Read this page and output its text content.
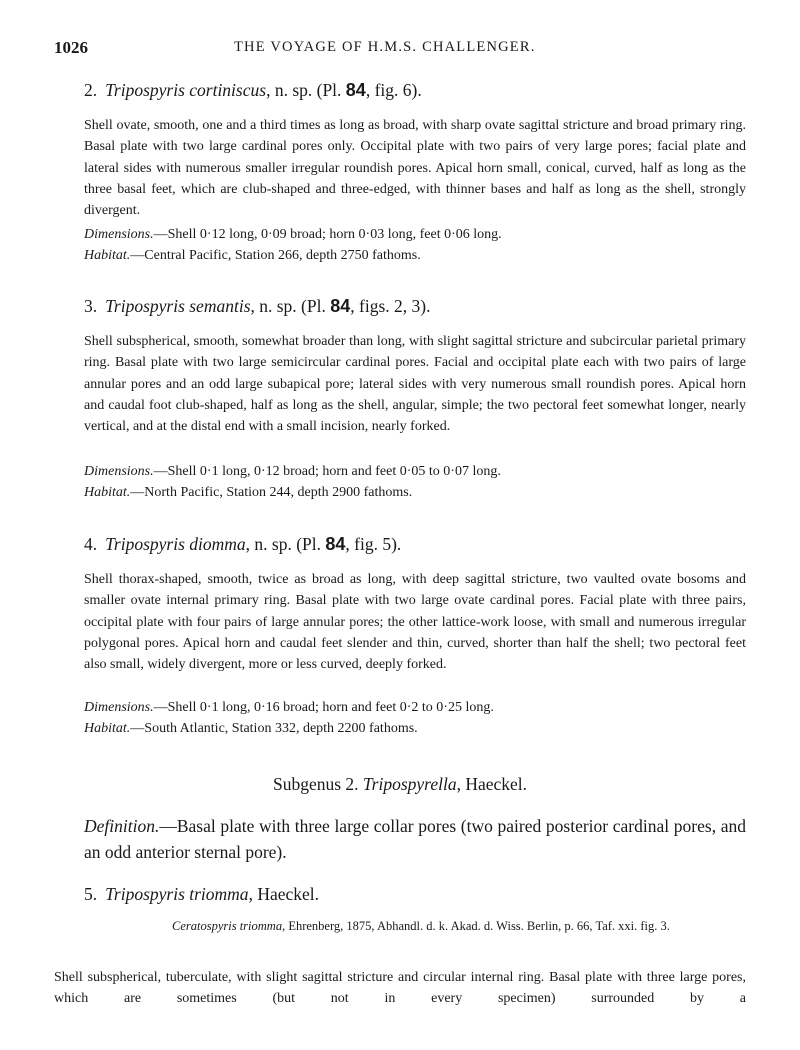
1026	THE VOYAGE OF H.M.S. CHALLENGER.
2. Tripospyris cortiniscus, n. sp. (Pl. 84, fig. 6).
Shell ovate, smooth, one and a third times as long as broad, with sharp ovate sagittal stricture and broad primary ring. Basal plate with two large cardinal pores only. Occipital plate with two pairs of very large pores; facial plate and lateral sides with numerous smaller irregular roundish pores. Apical horn small, conical, curved, half as long as the three basal feet, which are club-shaped and three-edged, with thinner bases and half as long as the shell, strongly divergent.
Dimensions.—Shell 0·12 long, 0·09 broad; horn 0·03 long, feet 0·06 long.
Habitat.—Central Pacific, Station 266, depth 2750 fathoms.
3. Tripospyris semantis, n. sp. (Pl. 84, figs. 2, 3).
Shell subspherical, smooth, somewhat broader than long, with slight sagittal stricture and subcircular parietal primary ring. Basal plate with two large semicircular cardinal pores. Facial and occipital plate each with two pairs of large annular pores and an odd large subapical pore; lateral sides with very numerous small roundish pores. Apical horn and caudal foot club-shaped, half as long as the shell, angular, simple; the two pectoral feet somewhat longer, nearly vertical, and at the distal end with a small incision, nearly forked.
Dimensions.—Shell 0·1 long, 0·12 broad; horn and feet 0·05 to 0·07 long.
Habitat.—North Pacific, Station 244, depth 2900 fathoms.
4. Tripospyris diomma, n. sp. (Pl. 84, fig. 5).
Shell thorax-shaped, smooth, twice as broad as long, with deep sagittal stricture, two vaulted ovate bosoms and smaller ovate internal primary ring. Basal plate with two large ovate cardinal pores. Facial plate with three pairs, occipital plate with four pairs of large annular pores; the other lattice-work loose, with small and numerous irregular polygonal pores. Apical horn and caudal feet slender and thin, curved, shorter than half the shell; two pectoral feet also small, widely divergent, more or less curved, deeply forked.
Dimensions.—Shell 0·1 long, 0·16 broad; horn and feet 0·2 to 0·25 long.
Habitat.—South Atlantic, Station 332, depth 2200 fathoms.
Subgenus 2. Tripospyrella, Haeckel.
Definition.—Basal plate with three large collar pores (two paired posterior cardinal pores, and an odd anterior sternal pore).
5. Tripospyris triomma, Haeckel.
Ceratospyris triomma, Ehrenberg, 1875, Abhandl. d. k. Akad. d. Wiss. Berlin, p. 66, Taf. xxi. fig. 3.
Shell subspherical, tuberculate, with slight sagittal stricture and circular internal ring. Basal plate with three large pores, which are sometimes (but not in every specimen) surrounded by a
